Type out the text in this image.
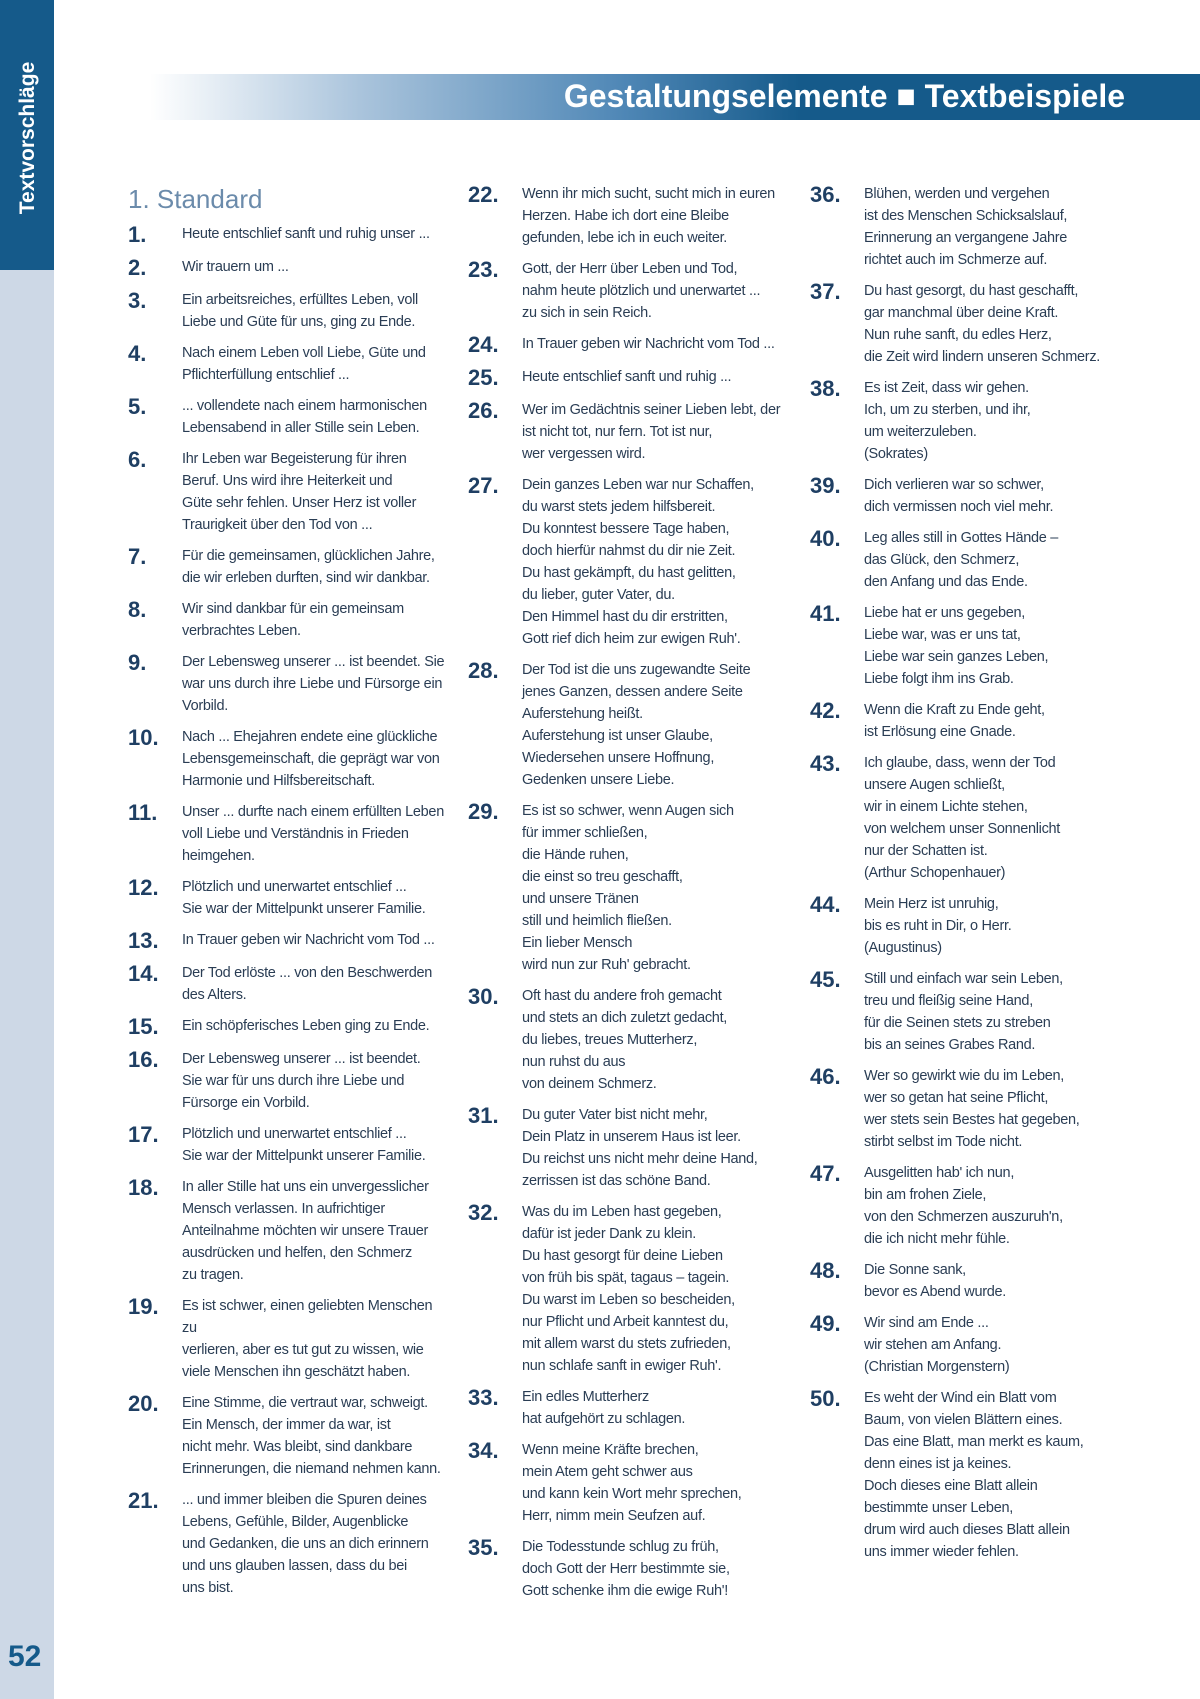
Textvorschläge
52
Gestaltungselemente ■ Textbeispiele
1. Standard
1.	Heute entschlief sanft und ruhig unser ...
2.	Wir trauern um ...
3.	Ein arbeitsreiches, erfülltes Leben, voll
Liebe und Güte für uns, ging zu Ende.
4.	Nach einem Leben voll Liebe, Güte und
Pflichterfüllung entschlief ...
5.	... vollendete nach einem harmonischen
Lebensabend in aller Stille sein Leben.
6.	Ihr Leben war Begeisterung für ihren
Beruf. Uns wird ihre Heiterkeit und
Güte sehr fehlen. Unser Herz ist voller
Traurigkeit über den Tod von ...
7.	Für die gemeinsamen, glücklichen Jahre,
die wir erleben durften, sind wir dankbar.
8.	Wir sind dankbar für ein gemeinsam
verbrachtes Leben.
9.	Der Lebensweg unserer ... ist beendet. Sie
war uns durch ihre Liebe und Fürsorge ein
Vorbild.
10.	Nach ... Ehejahren endete eine glückliche
Lebensgemeinschaft, die geprägt war von
Harmonie und Hilfsbereitschaft.
11.	Unser ... durfte nach einem erfüllten Leben
voll Liebe und Verständnis in Frieden
heimgehen.
12.	Plötzlich und unerwartet entschlief ...
Sie war der Mittelpunkt unserer Familie.
13.	In Trauer geben wir Nachricht vom Tod ...
14.	Der Tod erlöste ... von den Beschwerden
des Alters.
15.	Ein schöpferisches Leben ging zu Ende.
16.	Der Lebensweg unserer ... ist beendet.
Sie war für uns durch ihre Liebe und
Fürsorge ein Vorbild.
17.	Plötzlich und unerwartet entschlief ...
Sie war der Mittelpunkt unserer Familie.
18.	In aller Stille hat uns ein unvergesslicher
Mensch verlassen. In aufrichtiger
Anteilnahme möchten wir unsere Trauer
ausdrücken und helfen, den Schmerz
zu tragen.
19.	Es ist schwer, einen geliebten Menschen zu
verlieren, aber es tut gut zu wissen, wie
viele Menschen ihn geschätzt haben.
20.	Eine Stimme, die vertraut war, schweigt.
Ein Mensch, der immer da war, ist
nicht mehr. Was bleibt, sind dankbare
Erinnerungen, die niemand nehmen kann.
21.	... und immer bleiben die Spuren deines
Lebens, Gefühle, Bilder, Augenblicke
und Gedanken, die uns an dich erinnern
und uns glauben lassen, dass du bei
uns bist.
22.	Wenn ihr mich sucht, sucht mich in euren
Herzen. Habe ich dort eine Bleibe
gefunden, lebe ich in euch weiter.
23.	Gott, der Herr über Leben und Tod,
nahm heute plötzlich und unerwartet ...
zu sich in sein Reich.
24.	In Trauer geben wir Nachricht vom Tod ...
25.	Heute entschlief sanft und ruhig ...
26.	Wer im Gedächtnis seiner Lieben lebt, der
ist nicht tot, nur fern. Tot ist nur,
wer vergessen wird.
27.	Dein ganzes Leben war nur Schaffen,
du warst stets jedem hilfsbereit.
Du konntest bessere Tage haben,
doch hierfür nahmst du dir nie Zeit.
Du hast gekämpft, du hast gelitten,
du lieber, guter Vater, du.
Den Himmel hast du dir erstritten,
Gott rief dich heim zur ewigen Ruh'.
28.	Der Tod ist die uns zugewandte Seite
jenes Ganzen, dessen andere Seite
Auferstehung heißt.
Auferstehung ist unser Glaube,
Wiedersehen unsere Hoffnung,
Gedenken unsere Liebe.
29.	Es ist so schwer, wenn Augen sich
für immer schließen,
die Hände ruhen,
die einst so treu geschafft,
und unsere Tränen
still und heimlich fließen.
Ein lieber Mensch
wird nun zur Ruh' gebracht.
30.	Oft hast du andere froh gemacht
und stets an dich zuletzt gedacht,
du liebes, treues Mutterherz,
nun ruhst du aus
von deinem Schmerz.
31.	Du guter Vater bist nicht mehr,
Dein Platz in unserem Haus ist leer.
Du reichst uns nicht mehr deine Hand,
zerrissen ist das schöne Band.
32.	Was du im Leben hast gegeben,
dafür ist jeder Dank zu klein.
Du hast gesorgt für deine Lieben
von früh bis spät, tagaus – tagein.
Du warst im Leben so bescheiden,
nur Pflicht und Arbeit kanntest du,
mit allem warst du stets zufrieden,
nun schlafe sanft in ewiger Ruh'.
33.	Ein edles Mutterherz
hat aufgehört zu schlagen.
34.	Wenn meine Kräfte brechen,
mein Atem geht schwer aus
und kann kein Wort mehr sprechen,
Herr, nimm mein Seufzen auf.
35.	Die Todesstunde schlug zu früh,
doch Gott der Herr bestimmte sie,
Gott schenke ihm die ewige Ruh'!
36.	Blühen, werden und vergehen
ist des Menschen Schicksalslauf,
Erinnerung an vergangene Jahre
richtet auch im Schmerze auf.
37.	Du hast gesorgt, du hast geschafft,
gar manchmal über deine Kraft.
Nun ruhe sanft, du edles Herz,
die Zeit wird lindern unseren Schmerz.
38.	Es ist Zeit, dass wir gehen.
Ich, um zu sterben, und ihr,
um weiterzuleben.
(Sokrates)
39.	Dich verlieren war so schwer,
dich vermissen noch viel mehr.
40.	Leg alles still in Gottes Hände –
das Glück, den Schmerz,
den Anfang und das Ende.
41.	Liebe hat er uns gegeben,
Liebe war, was er uns tat,
Liebe war sein ganzes Leben,
Liebe folgt ihm ins Grab.
42.	Wenn die Kraft zu Ende geht,
ist Erlösung eine Gnade.
43.	Ich glaube, dass, wenn der Tod
unsere Augen schließt,
wir in einem Lichte stehen,
von welchem unser Sonnenlicht
nur der Schatten ist.
(Arthur Schopenhauer)
44.	Mein Herz ist unruhig,
bis es ruht in Dir, o Herr.
(Augustinus)
45.	Still und einfach war sein Leben,
treu und fleißig seine Hand,
für die Seinen stets zu streben
bis an seines Grabes Rand.
46.	Wer so gewirkt wie du im Leben,
wer so getan hat seine Pflicht,
wer stets sein Bestes hat gegeben,
stirbt selbst im Tode nicht.
47.	Ausgelitten hab' ich nun,
bin am frohen Ziele,
von den Schmerzen auszuruh'n,
die ich nicht mehr fühle.
48.	Die Sonne sank,
bevor es Abend wurde.
49.	Wir sind am Ende ...
wir stehen am Anfang.
(Christian Morgenstern)
50.	Es weht der Wind ein Blatt vom
Baum, von vielen Blättern eines.
Das eine Blatt, man merkt es kaum,
denn eines ist ja keines.
Doch dieses eine Blatt allein
bestimmte unser Leben,
drum wird auch dieses Blatt allein
uns immer wieder fehlen.
